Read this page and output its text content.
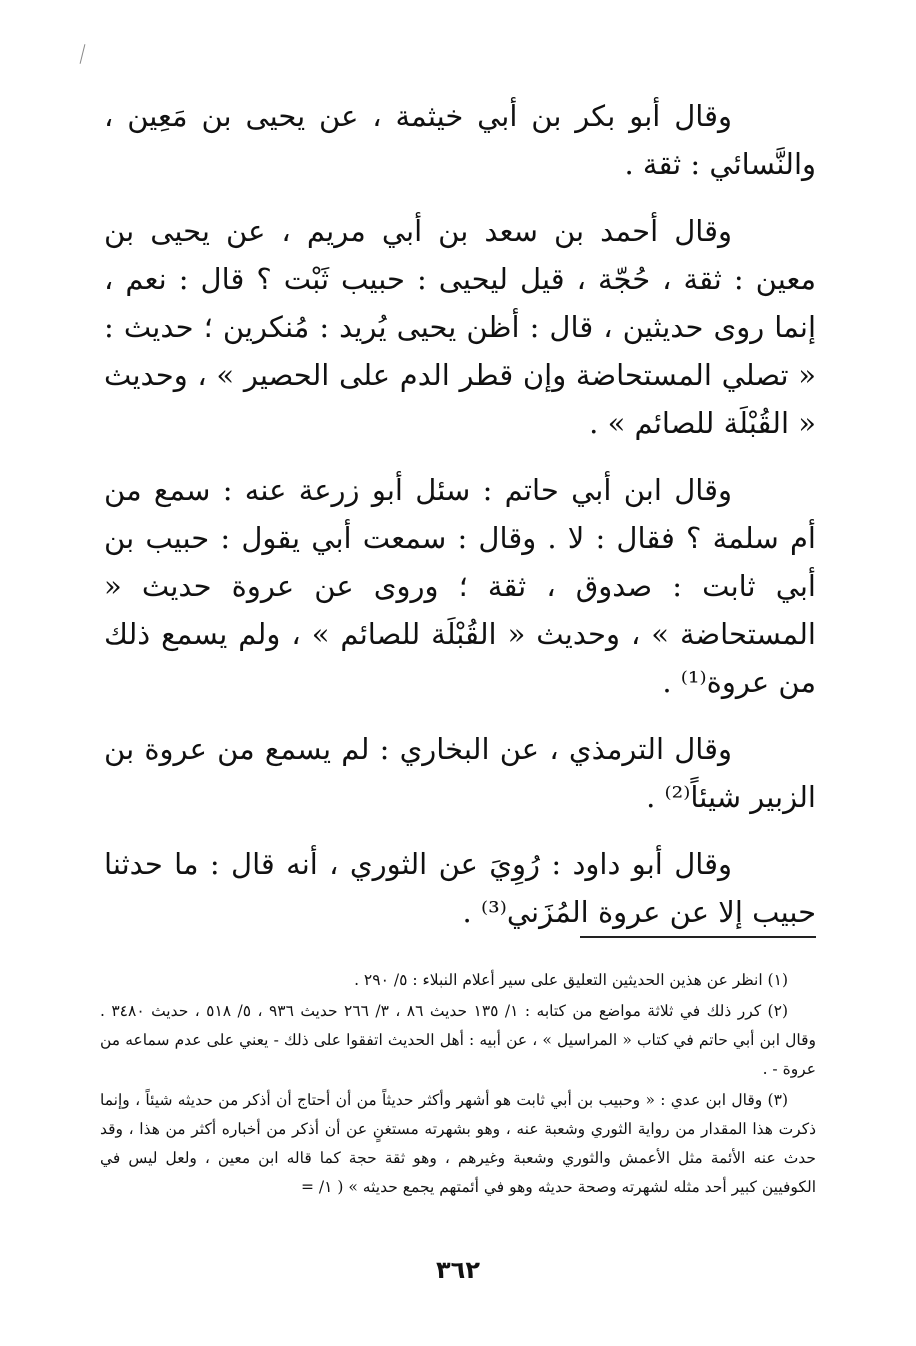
وقال أبو بكر بن أبي خيثمة ، عن يحيى بن مَعِين ، والنَّسائي : ثقة .

وقال أحمد بن سعد بن أبي مريم ، عن يحيى بن معين : ثقة ، حُجّة ، قيل ليحيى : حبيب ثَبْت ؟ قال : نعم ، إنما روى حديثين ، قال : أظن يحيى يُريد : مُنكرين ؛ حديث : « تصلي المستحاضة وإن قطر الدم على الحصير » ، وحديث « القُبْلَة للصائم » .

وقال ابن أبي حاتم : سئل أبو زرعة عنه : سمع من أم سلمة ؟ فقال : لا . وقال : سمعت أبي يقول : حبيب بن أبي ثابت : صدوق ، ثقة ؛ وروى عن عروة حديث « المستحاضة » ، وحديث « القُبْلَة للصائم » ، ولم يسمع ذلك من عروة⁽¹⁾ .

وقال الترمذي ، عن البخاري : لم يسمع من عروة بن الزبير شيئاً⁽²⁾ .

وقال أبو داود : رُوِيَ عن الثوري ، أنه قال : ما حدثنا حبيب إلا عن عروة المُزَني⁽³⁾ .

(١) انظر عن هذين الحديثين التعليق على سير أعلام النبلاء : ٥/ ٢٩٠ .

(٢) كرر ذلك في ثلاثة مواضع من كتابه : ١/ ١٣٥ حديث ٨٦ ، ٣/ ٢٦٦ حديث ٩٣٦ ، ٥/ ٥١٨ ، حديث ٣٤٨٠ . وقال ابن أبي حاتم في كتاب « المراسيل » ، عن أبيه : أهل الحديث اتفقوا على ذلك - يعني على عدم سماعه من عروة - .

(٣) وقال ابن عدي : « وحبيب بن أبي ثابت هو أشهر وأكثر حديثاً من أن أحتاج أن أذكر من حديثه شيئاً ، وإنما ذكرت هذا المقدار من رواية الثوري وشعبة عنه ، وهو بشهرته مستغنٍ عن أن أذكر من أخباره أكثر من هذا ، وقد حدث عنه الأئمة مثل الأعمش والثوري وشعبة وغيرهم ، وهو ثقة حجة كما قاله ابن معين ، ولعل ليس في الكوفيين كبير أحد مثله لشهرته وصحة حديثه وهو في أئمتهم يجمع حديثه » ( ١/ =

٣٦٢
